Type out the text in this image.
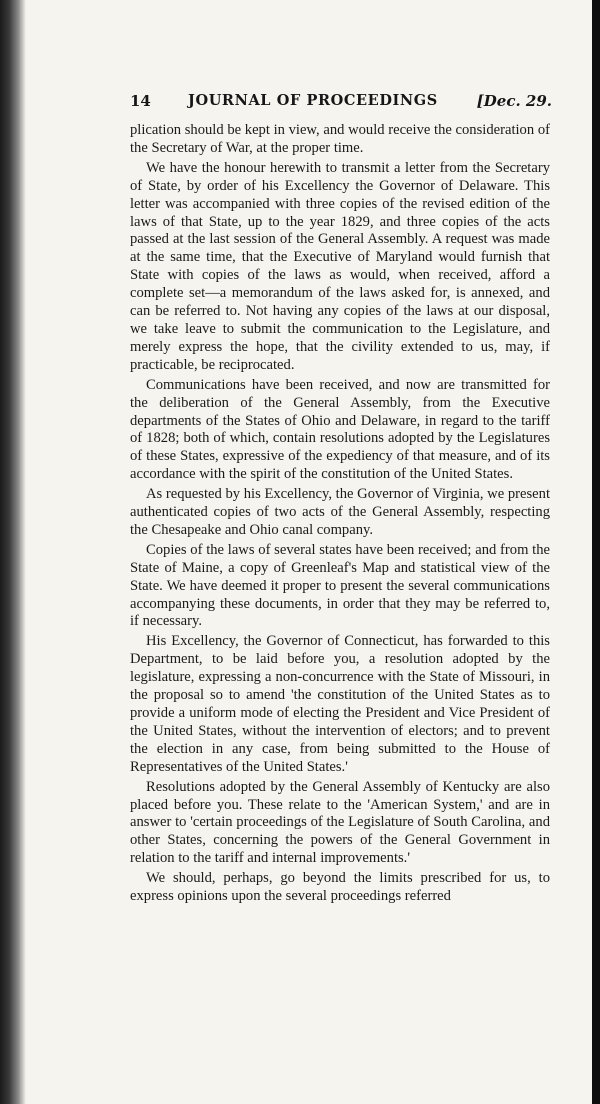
14	JOURNAL OF PROCEEDINGS	[Dec. 29.

plication should be kept in view, and would receive the consideration of the Secretary of War, at the proper time.

We have the honour herewith to transmit a letter from the Secretary of State, by order of his Excellency the Governor of Delaware. This letter was accompanied with three copies of the revised edition of the laws of that State, up to the year 1829, and three copies of the acts passed at the last session of the General Assembly. A request was made at the same time, that the Executive of Maryland would furnish that State with copies of the laws as would, when received, afford a complete set—a memorandum of the laws asked for, is annexed, and can be referred to. Not having any copies of the laws at our disposal, we take leave to submit the communication to the Legislature, and merely express the hope, that the civility extended to us, may, if practicable, be reciprocated.

Communications have been received, and now are transmitted for the deliberation of the General Assembly, from the Executive departments of the States of Ohio and Delaware, in regard to the tariff of 1828; both of which, contain resolutions adopted by the Legislatures of these States, expressive of the expediency of that measure, and of its accordance with the spirit of the constitution of the United States.

As requested by his Excellency, the Governor of Virginia, we present authenticated copies of two acts of the General Assembly, respecting the Chesapeake and Ohio canal company.

Copies of the laws of several states have been received; and from the State of Maine, a copy of Greenleaf's Map and statistical view of the State. We have deemed it proper to present the several communications accompanying these documents, in order that they may be referred to, if necessary.

His Excellency, the Governor of Connecticut, has forwarded to this Department, to be laid before you, a resolution adopted by the legislature, expressing a non-concurrence with the State of Missouri, in the proposal so to amend 'the constitution of the United States as to provide a uniform mode of electing the President and Vice President of the United States, without the intervention of electors; and to prevent the election in any case, from being submitted to the House of Representatives of the United States.'

Resolutions adopted by the General Assembly of Kentucky are also placed before you. These relate to the 'American System,' and are in answer to 'certain proceedings of the Legislature of South Carolina, and other States, concerning the powers of the General Government in relation to the tariff and internal improvements.'

We should, perhaps, go beyond the limits prescribed for us, to express opinions upon the several proceedings referred
